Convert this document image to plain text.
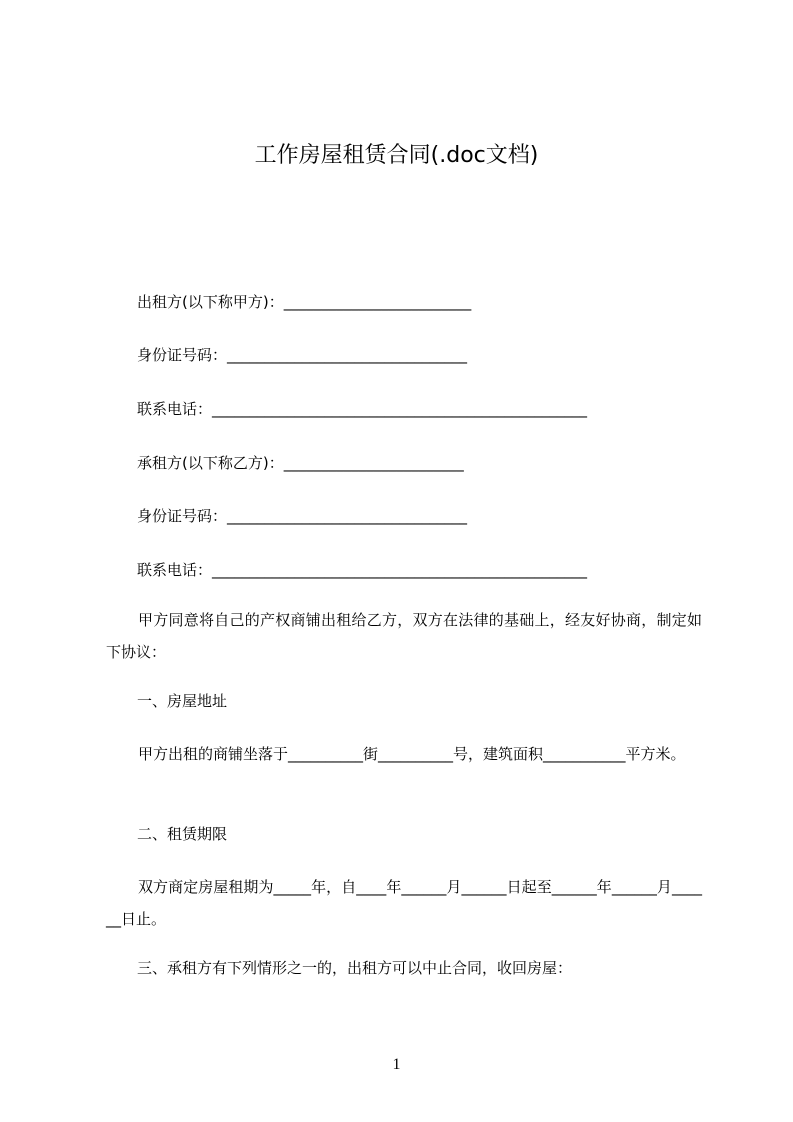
工作房屋租赁合同(.doc文档)
出租方(以下称甲方)：_________________________
身份证号码：________________________________
联系电话：__________________________________________________
承租方(以下称乙方)：________________________
身份证号码：________________________________
联系电话：__________________________________________________
甲方同意将自己的产权商铺出租给乙方，双方在法律的基础上，经友好协商，制定如下协议：
一、房屋地址
甲方出租的商铺坐落于__________街__________号，建筑面积___________平方米。
二、租赁期限
双方商定房屋租期为_____年，自____年______月______日起至______年______月______日止。
三、承租方有下列情形之一的，出租方可以中止合同，收回房屋：
1
